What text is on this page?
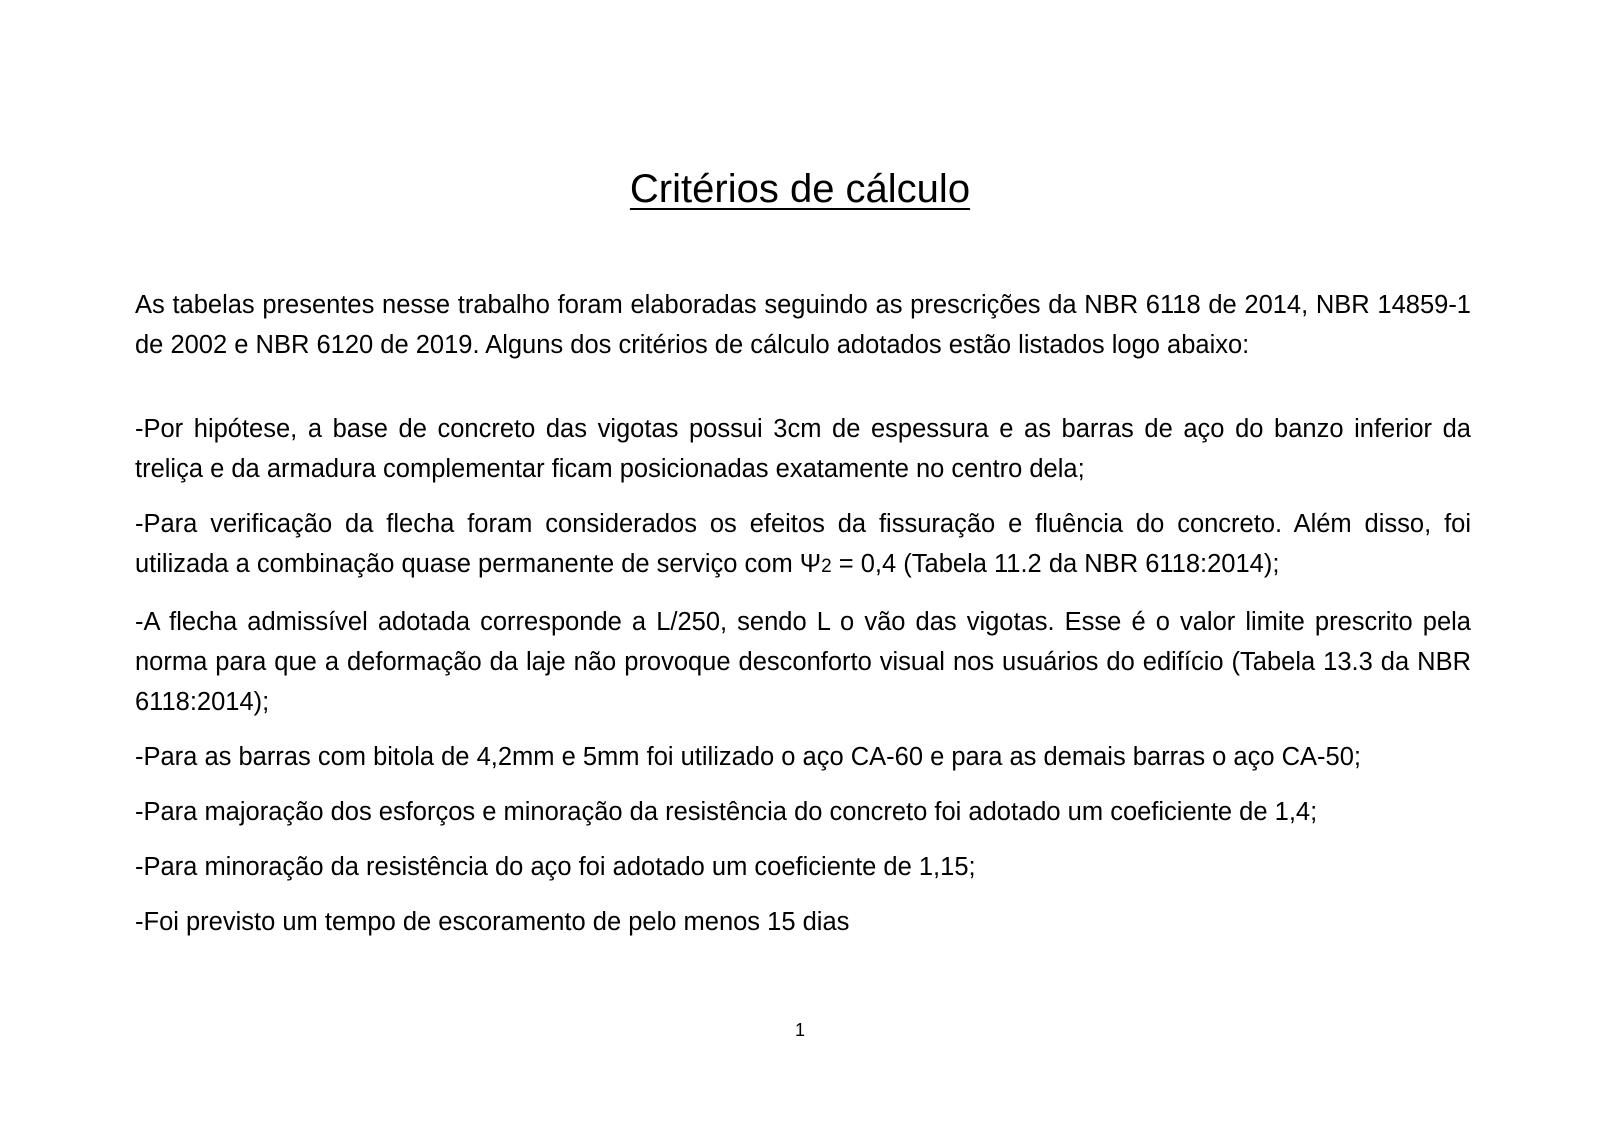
Critérios de cálculo

As tabelas presentes nesse trabalho foram elaboradas seguindo as prescrições da NBR 6118 de 2014, NBR 14859-1 de 2002 e NBR 6120 de 2019. Alguns dos critérios de cálculo adotados estão listados logo abaixo:

-Por hipótese, a base de concreto das vigotas possui 3cm de espessura e as barras de aço do banzo inferior da treliça e da armadura complementar ficam posicionadas exatamente no centro dela;

-Para verificação da flecha foram considerados os efeitos da fissuração e fluência do concreto. Além disso, foi utilizada a combinação quase permanente de serviço com Ψ2 = 0,4 (Tabela 11.2 da NBR 6118:2014);

-A flecha admissível adotada corresponde a L/250, sendo L o vão das vigotas. Esse é o valor limite prescrito pela norma para que a deformação da laje não provoque desconforto visual nos usuários do edifício (Tabela 13.3 da NBR 6118:2014);

-Para as barras com bitola de 4,2mm e 5mm foi utilizado o aço CA-60 e para as demais barras o aço CA-50;

-Para majoração dos esforços e minoração da resistência do concreto foi adotado um coeficiente de 1,4;

-Para minoração da resistência do aço foi adotado um coeficiente de 1,15;

-Foi previsto um tempo de escoramento de pelo menos 15 dias

1
